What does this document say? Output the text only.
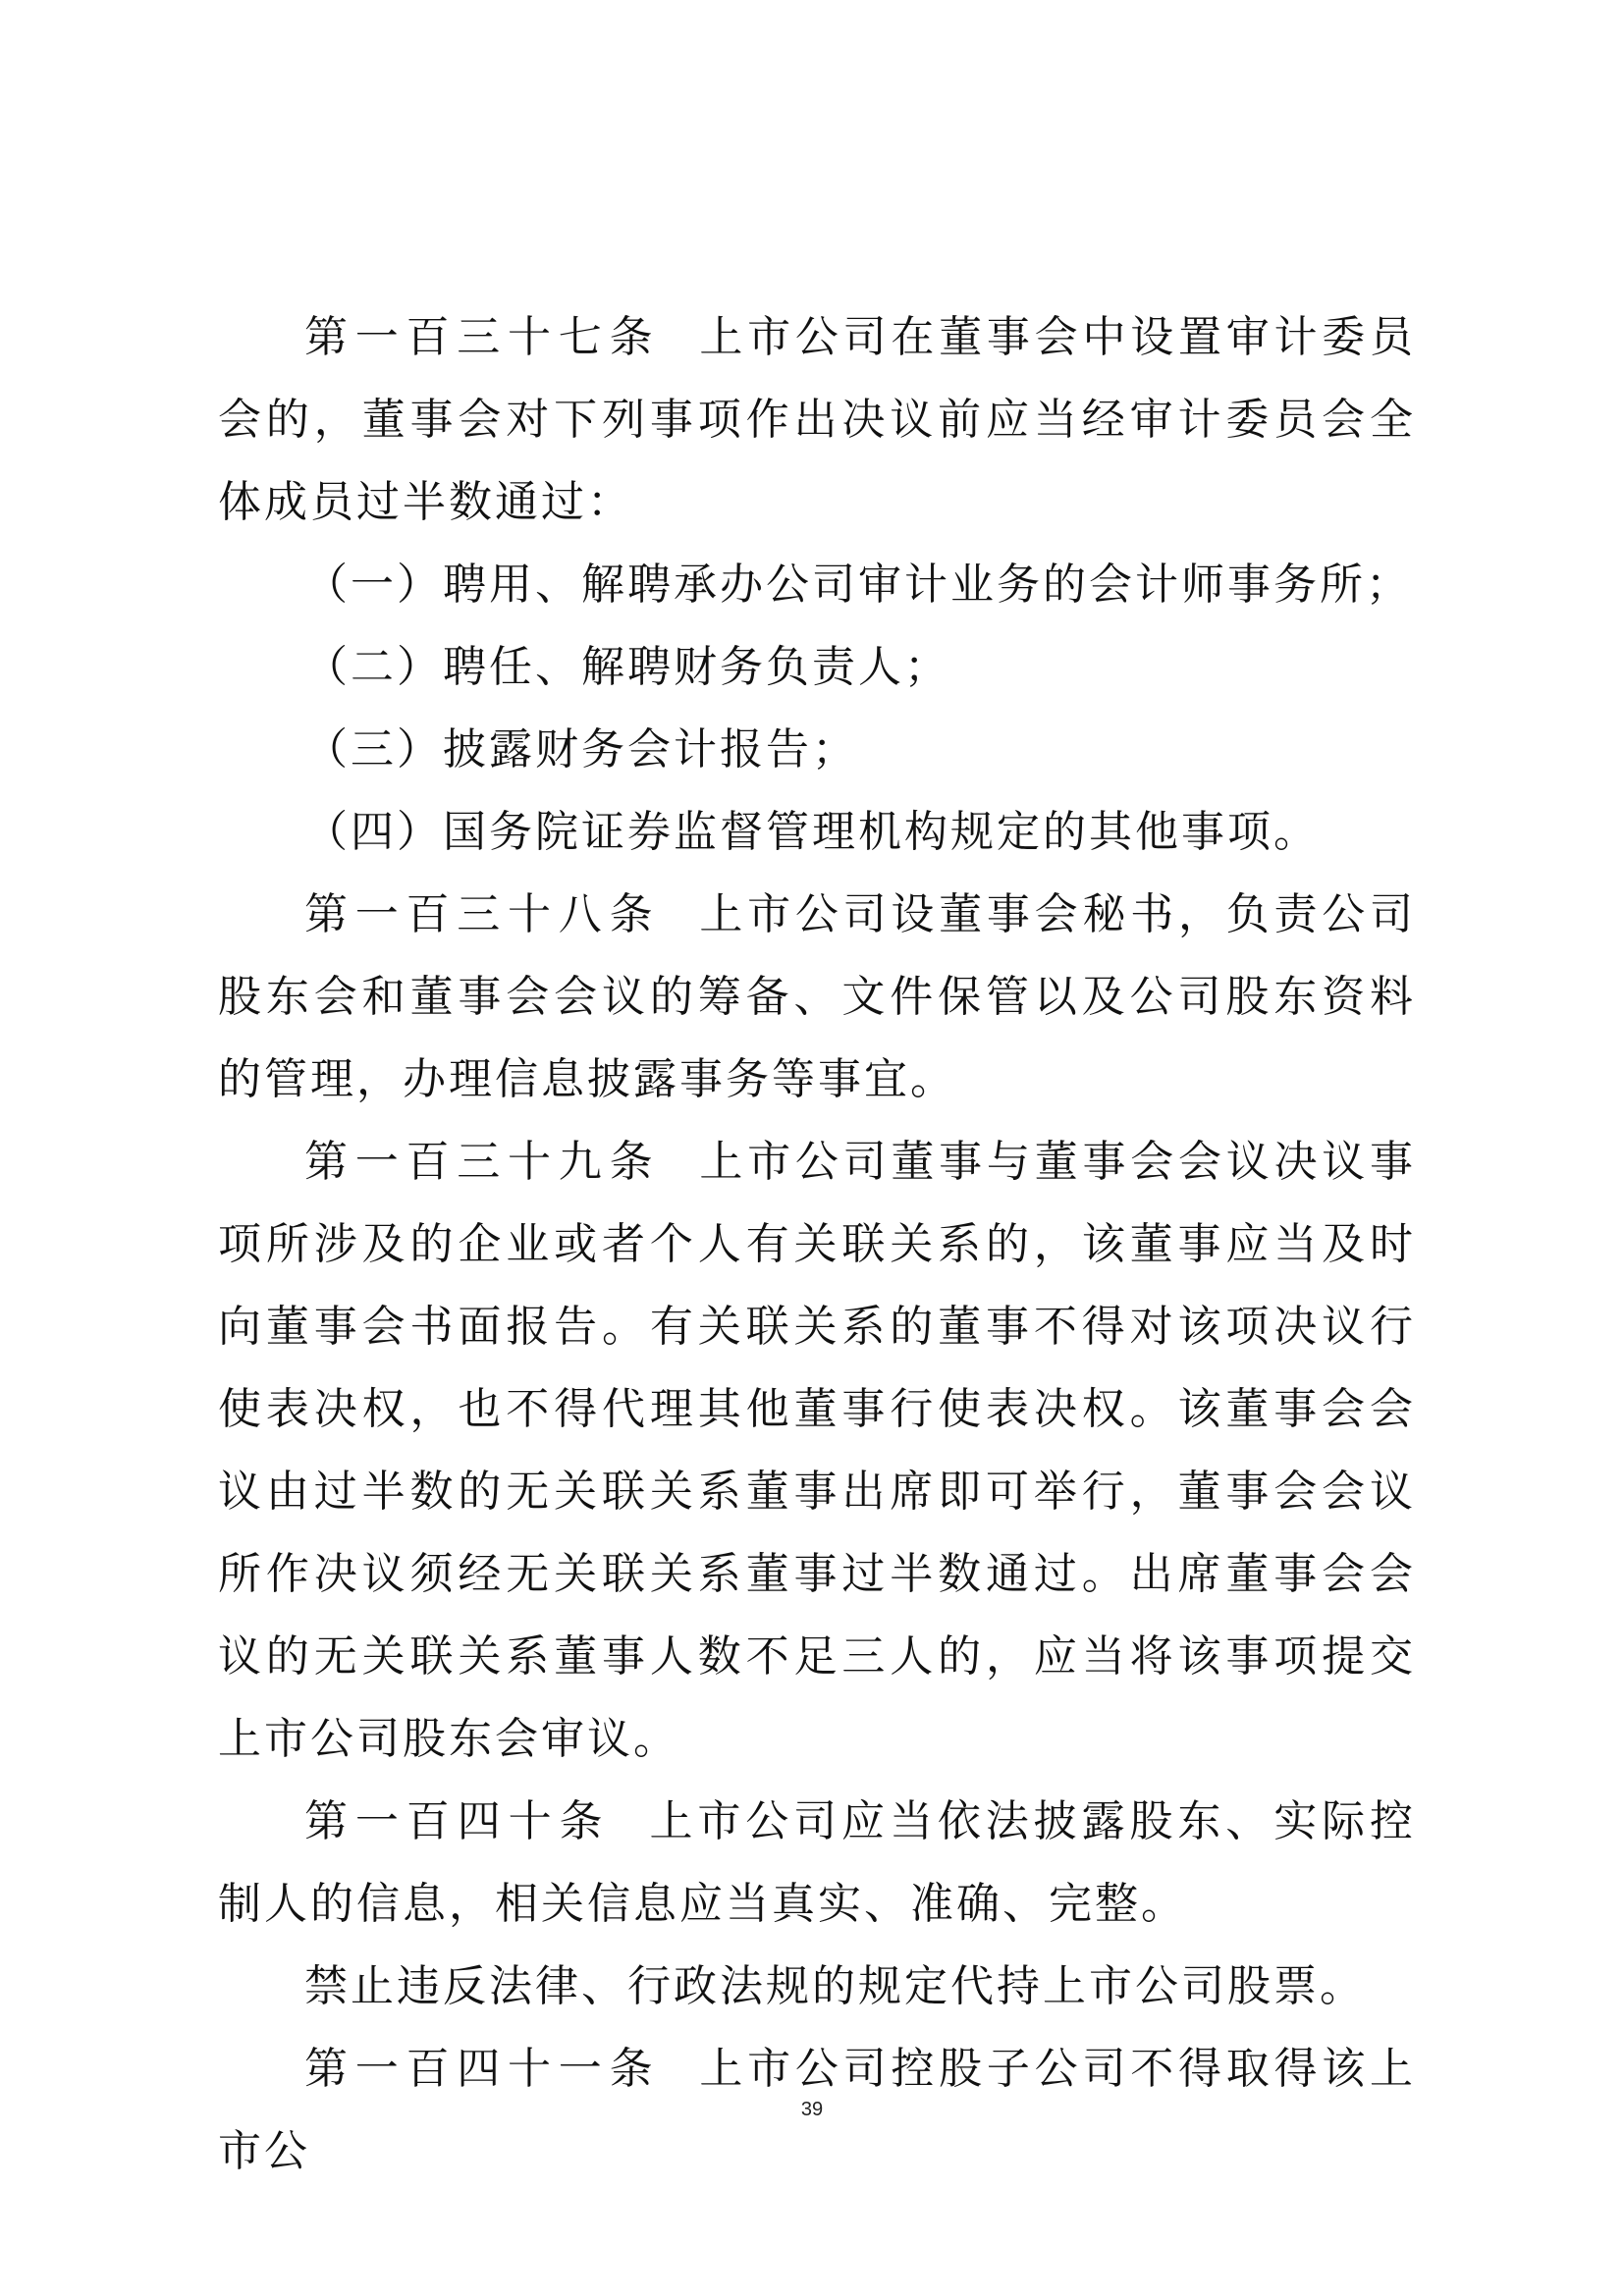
第一百三十七条 上市公司在董事会中设置审计委员会的，董事会对下列事项作出决议前应当经审计委员会全体成员过半数通过：

（一）聘用、解聘承办公司审计业务的会计师事务所；

（二）聘任、解聘财务负责人；

（三）披露财务会计报告；

（四）国务院证券监督管理机构规定的其他事项。

第一百三十八条 上市公司设董事会秘书，负责公司股东会和董事会会议的筹备、文件保管以及公司股东资料的管理，办理信息披露事务等事宜。

第一百三十九条 上市公司董事与董事会会议决议事项所涉及的企业或者个人有关联关系的，该董事应当及时向董事会书面报告。有关联关系的董事不得对该项决议行使表决权，也不得代理其他董事行使表决权。该董事会会议由过半数的无关联关系董事出席即可举行，董事会会议所作决议须经无关联关系董事过半数通过。出席董事会会议的无关联关系董事人数不足三人的，应当将该事项提交上市公司股东会审议。

第一百四十条 上市公司应当依法披露股东、实际控制人的信息，相关信息应当真实、准确、完整。

禁止违反法律、行政法规的规定代持上市公司股票。

第一百四十一条 上市公司控股子公司不得取得该上市公

39
